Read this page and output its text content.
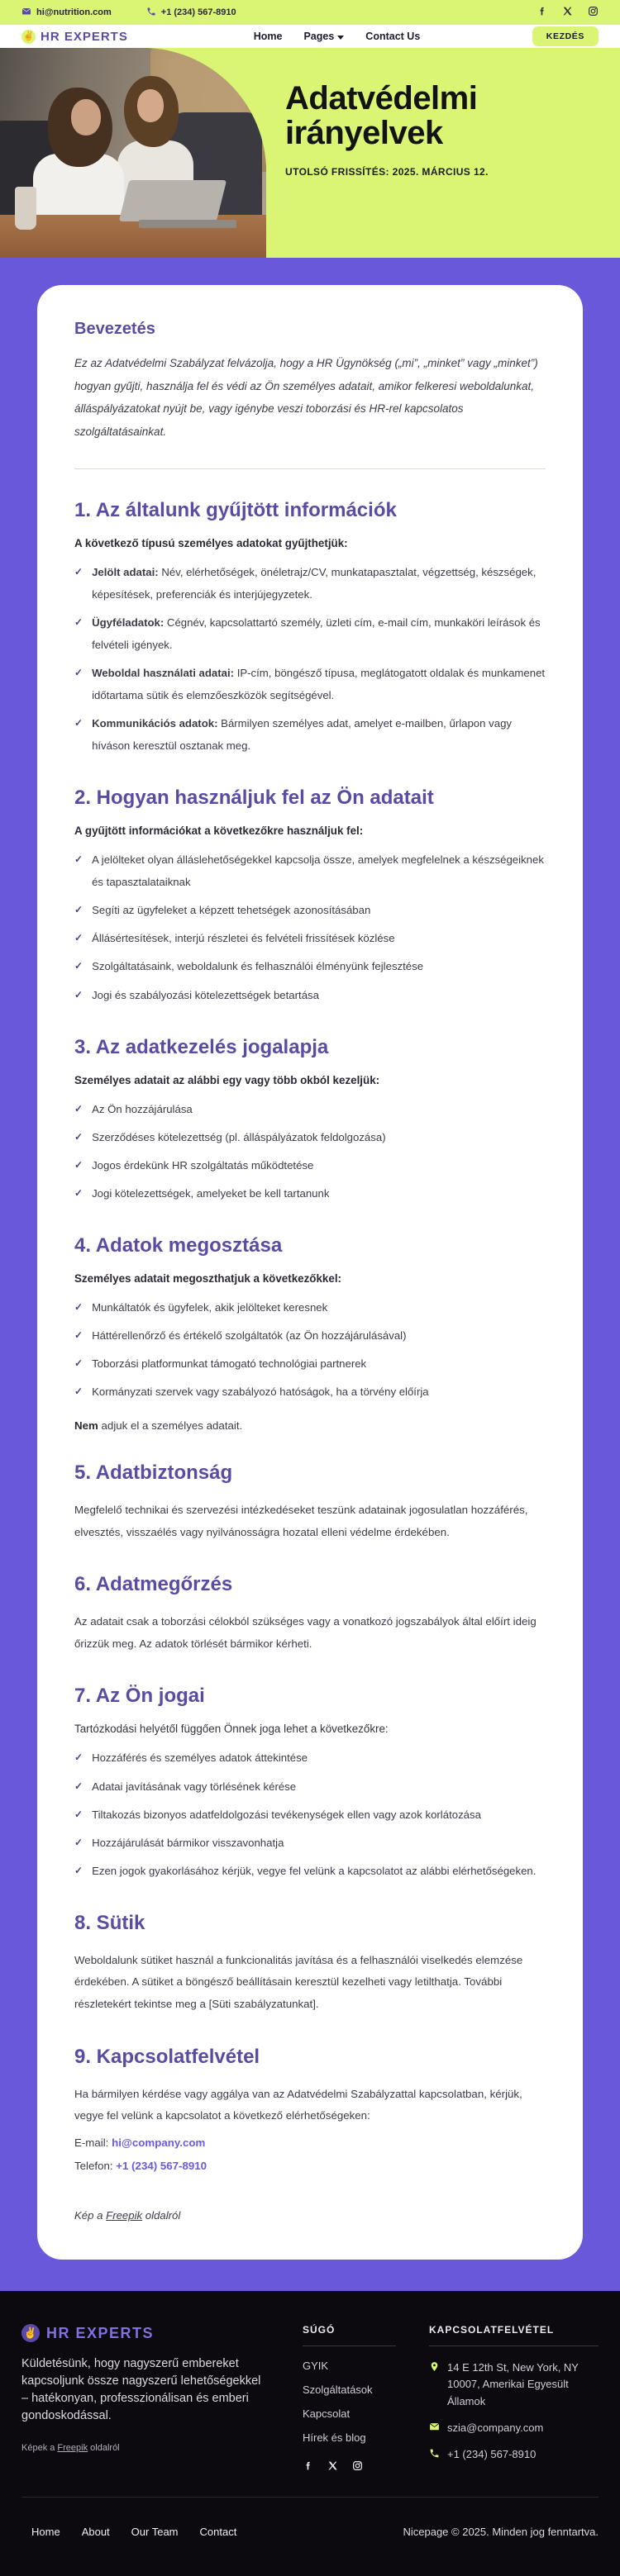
hi@nutrition.com	+1 (234) 567-8910
✌ HR EXPERTS	Home Pages	Contact Us	KEZDÉS
Adatvédelmi
irányelvek
UTOLSÓ FRISSÍTÉS: 2025. MÁRCIUS 12.
Bevezetés

Ez az Adatvédelmi Szabályzat felvázolja, hogy a HR Ügynökség („mi”, „minket” vagy „minket”) hogyan gyűjti, használja fel és védi az Ön személyes adatait, amikor felkeresi weboldalunkat, álláspályázatokat nyújt be, vagy igénybe veszi toborzási és HR-rel kapcsolatos szolgáltatásainkat.

1. Az általunk gyűjtött információk

A következő típusú személyes adatokat gyűjthetjük:

✓ Jelölt adatai: Név, elérhetőségek, önéletrajz/CV, munkatapasztalat, végzettség, készségek, képesítések, preferenciák és interjújegyzetek.
✓ Ügyféladatok: Cégnév, kapcsolattartó személy, üzleti cím, e-mail cím, munkaköri leírások és felvételi igények.
✓ Weboldal használati adatai: IP-cím, böngésző típusa, meglátogatott oldalak és munkamenet időtartama sütik és elemzőeszközök segítségével.
✓ Kommunikációs adatok: Bármilyen személyes adat, amelyet e-mailben, űrlapon vagy híváson keresztül osztanak meg.
2. Hogyan használjuk fel az Ön adatait

A gyűjtött információkat a következőkre használjuk fel:

✓ A jelölteket olyan álláslehetőségekkel kapcsolja össze, amelyek megfelelnek a készségeiknek és tapasztalataiknak
✓ Segíti az ügyfeleket a képzett tehetségek azonosításában
✓ Állásértesítések, interjú részletei és felvételi frissítések közlése
✓ Szolgáltatásaink, weboldalunk és felhasználói élményünk fejlesztése
✓ Jogi és szabályozási kötelezettségek betartása
3. Az adatkezelés jogalapja

Személyes adatait az alábbi egy vagy több okból kezeljük:

✓ Az Ön hozzájárulása
✓ Szerződéses kötelezettség (pl. álláspályázatok feldolgozása)
✓ Jogos érdekünk HR szolgáltatás működtetése
✓ Jogi kötelezettségek, amelyeket be kell tartanunk
4. Adatok megosztása

Személyes adatait megoszthatjuk a következőkkel:

✓ Munkáltatók és ügyfelek, akik jelölteket keresnek
✓ Háttérellenőrző és értékelő szolgáltatók (az Ön hozzájárulásával)
✓ Toborzási platformunkat támogató technológiai partnerek
✓ Kormányzati szervek vagy szabályozó hatóságok, ha a törvény előírja

Nem adjuk el a személyes adatait.

5. Adatbiztonság

Megfelelő technikai és szervezési intézkedéseket teszünk adatainak jogosulatlan hozzáférés, elvesztés, visszaélés vagy nyilvánosságra hozatal elleni védelme érdekében.

6. Adatmegőrzés

Az adatait csak a toborzási célokból szükséges vagy a vonatkozó jogszabályok által előírt ideig őrizzük meg. Az adatok törlését bármikor kérheti.

7. Az Ön jogai

Tartózkodási helyétől függően Önnek joga lehet a következőkre:

✓ Hozzáférés és személyes adatok áttekintése
✓ Adatai javításának vagy törlésének kérése
✓ Tiltakozás bizonyos adatfeldolgozási tevékenységek ellen vagy azok korlátozása
✓ Hozzájárulását bármikor visszavonhatja
✓ Ezen jogok gyakorlásához kérjük, vegye fel velünk a kapcsolatot az alábbi elérhetőségeken.
8. Sütik

Weboldalunk sütiket használ a funkcionalitás javítása és a felhasználói viselkedés elemzése érdekében. A sütiket a böngésző beállításain keresztül kezelheti vagy letilthatja. További részletekért tekintse meg a [Süti szabályzatunkat].

9. Kapcsolatfelvétel

Ha bármilyen kérdése vagy aggálya van az Adatvédelmi Szabályzattal kapcsolatban, kérjük, vegye fel velünk a kapcsolatot a következő elérhetőségeken:

E-mail: hi@company.com

Telefon: +1 (234) 567-8910

Kép a Freepik oldalról

✌ HR EXPERTS

Küldetésünk, hogy nagyszerű embereket kapcsoljunk össze nagyszerű lehetőségekkel – hatékonyan, professzionálisan és emberi gondoskodással.

Képek a Freepik oldalról

SÚGÓ
GYIK
Szolgáltatások
Kapcsolat
Hírek és blog
KAPCSOLATFELVÉTEL
14 E 12th St, New York, NY 10007, Amerikai Egyesült Államok
szia@company.com
+1 (234) 567-8910
Home About Our Team Contact	Nicepage © 2025. Minden jog fenntartva.
